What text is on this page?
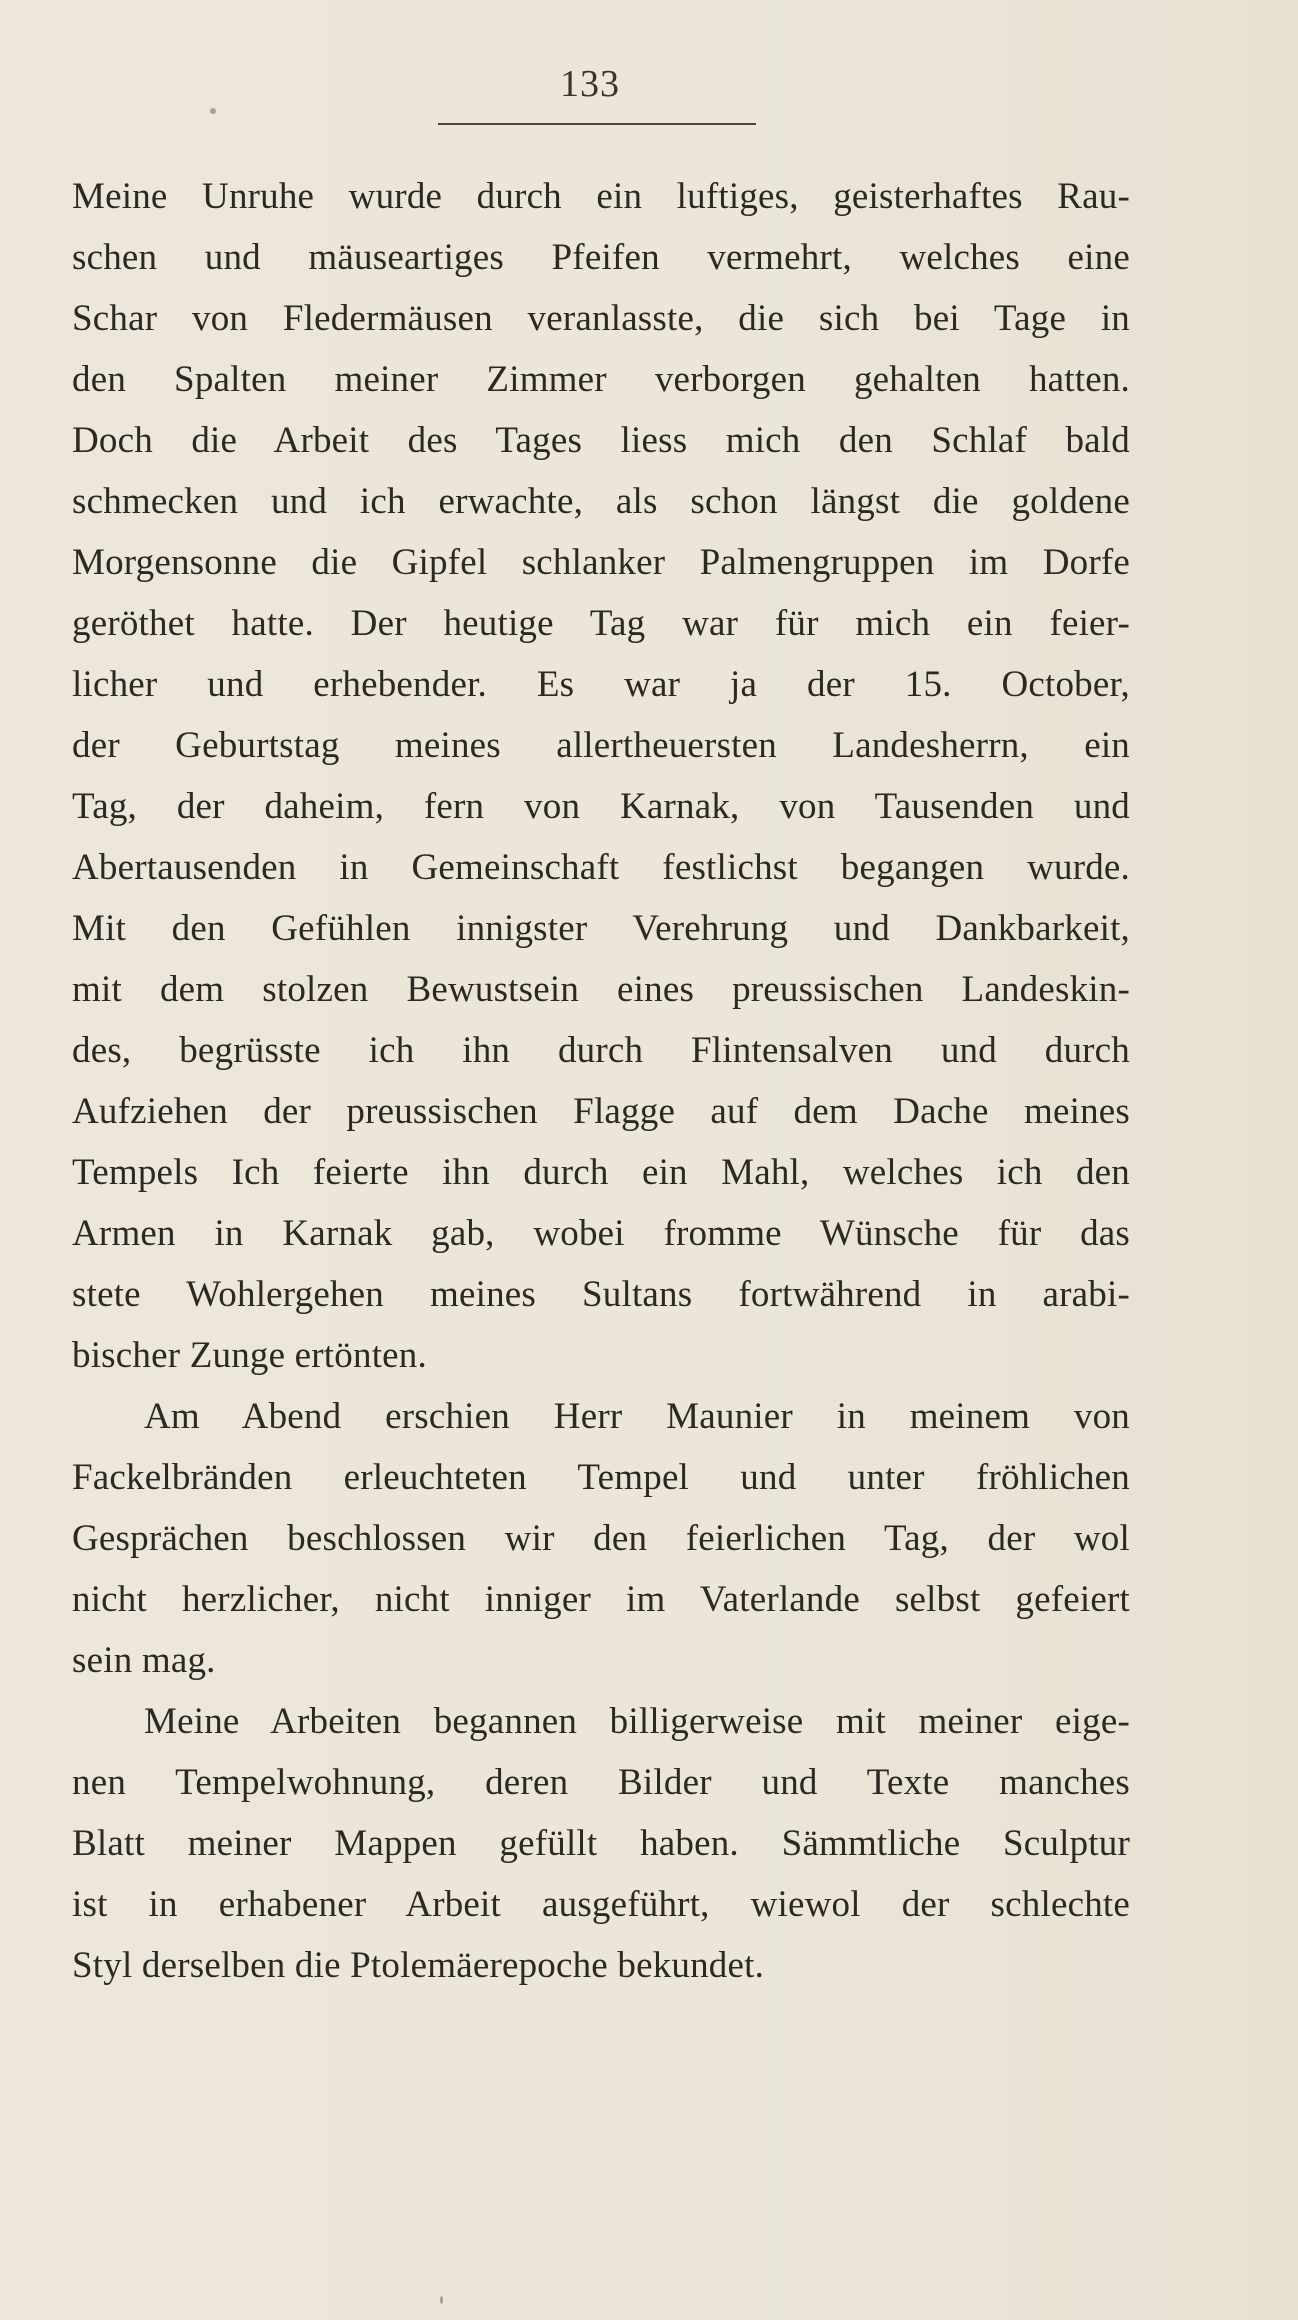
133
Meine Unruhe wurde durch ein luftiges, geisterhaftes Rau-
schen und mäuseartiges Pfeifen vermehrt, welches eine
Schar von Fledermäusen veranlasste, die sich bei Tage in
den Spalten meiner Zimmer verborgen gehalten hatten.
Doch die Arbeit des Tages liess mich den Schlaf bald
schmecken und ich erwachte, als schon längst die goldene
Morgensonne die Gipfel schlanker Palmengruppen im Dorfe
geröthet hatte. Der heutige Tag war für mich ein feier-
licher und erhebender. Es war ja der 15. October,
der Geburtstag meines allertheuersten Landesherrn, ein
Tag, der daheim, fern von Karnak, von Tausenden und
Abertausenden in Gemeinschaft festlichst begangen wurde.
Mit den Gefühlen innigster Verehrung und Dankbarkeit,
mit dem stolzen Bewustsein eines preussischen Landeskin-
des, begrüsste ich ihn durch Flintensalven und durch
Aufziehen der preussischen Flagge auf dem Dache meines
Tempels Ich feierte ihn durch ein Mahl, welches ich den
Armen in Karnak gab, wobei fromme Wünsche für das
stete Wohlergehen meines Sultans fortwährend in arabi-
bischer Zunge ertönten.
Am Abend erschien Herr Maunier in meinem von
Fackelbränden erleuchteten Tempel und unter fröhlichen
Gesprächen beschlossen wir den feierlichen Tag, der wol
nicht herzlicher, nicht inniger im Vaterlande selbst gefeiert
sein mag.
Meine Arbeiten begannen billigerweise mit meiner eige-
nen Tempelwohnung, deren Bilder und Texte manches
Blatt meiner Mappen gefüllt haben. Sämmtliche Sculptur
ist in erhabener Arbeit ausgeführt, wiewol der schlechte
Styl derselben die Ptolemäerepoche bekundet.
